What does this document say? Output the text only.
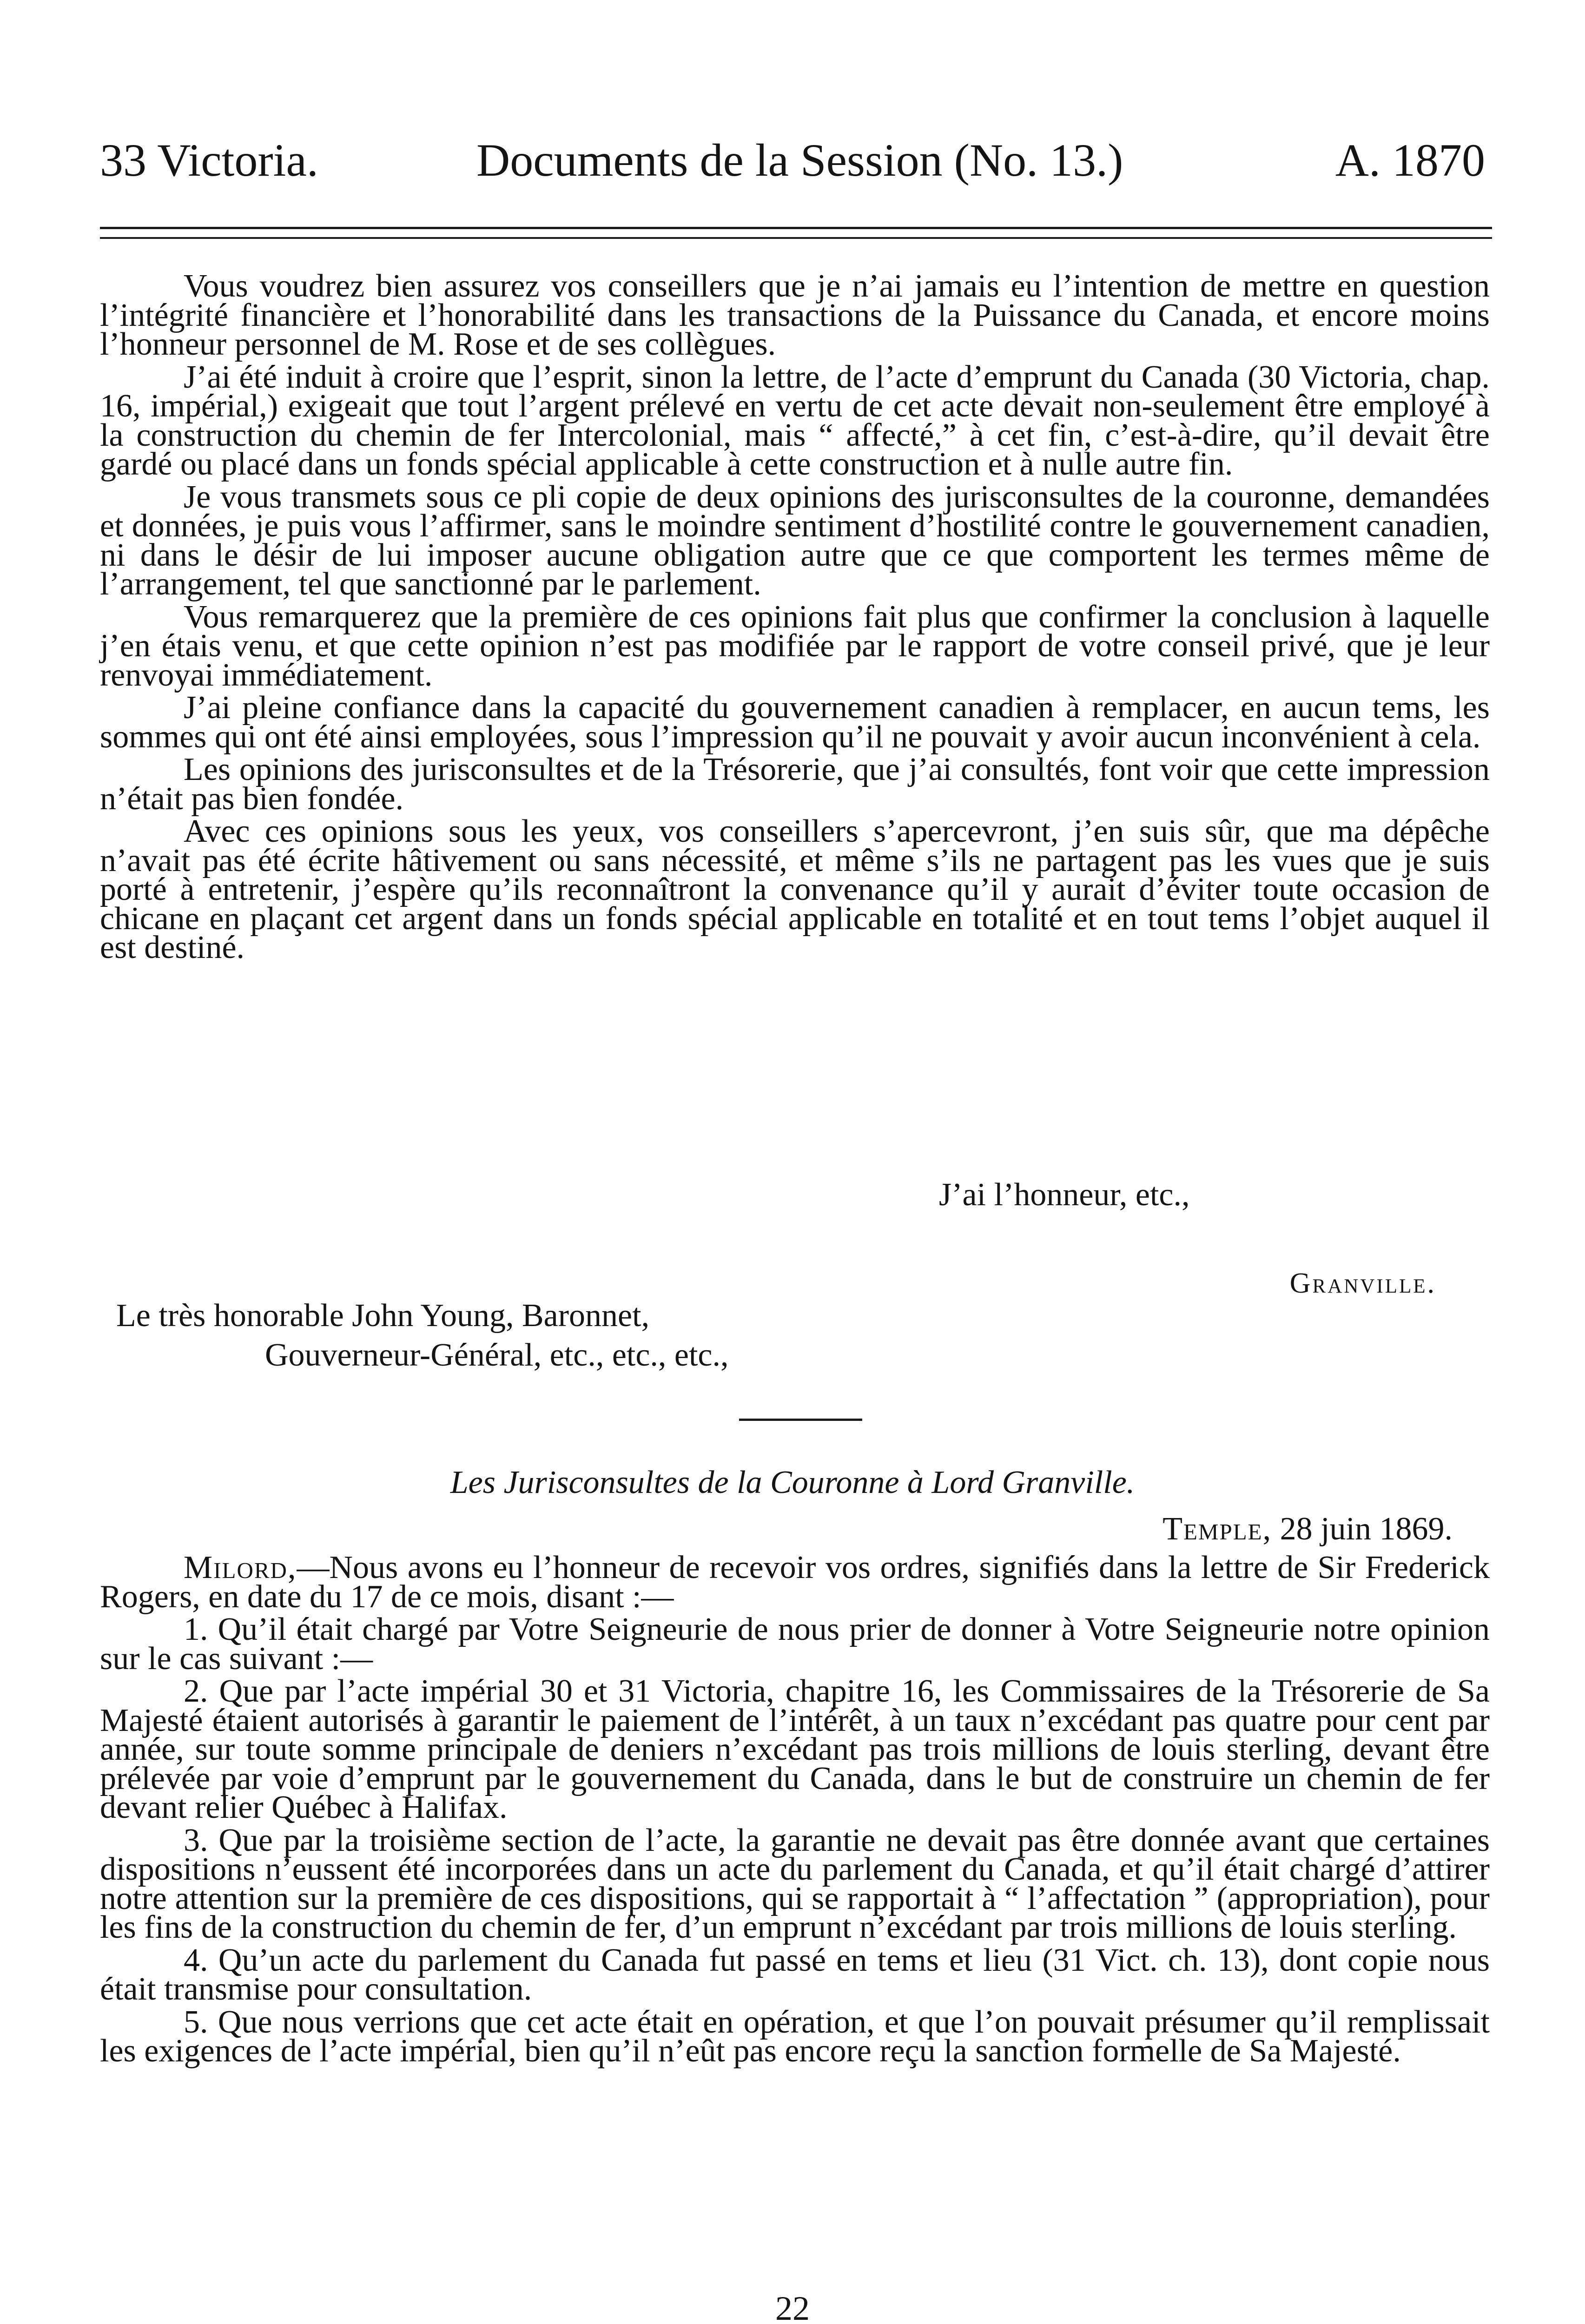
33 Victoria.	Documents de la Session (No. 13.)	A. 1870

Vous voudrez bien assurez vos conseillers que je n’ai jamais eu l’intention de mettre en question l’intégrité financière et l’honorabilité dans les transactions de la Puissance du Canada, et encore moins l’honneur personnel de M. Rose et de ses collègues.

J’ai été induit à croire que l’esprit, sinon la lettre, de l’acte d’emprunt du Canada (30 Victoria, chap. 16, impérial,) exigeait que tout l’argent prélevé en vertu de cet acte devait non-seulement être employé à la construction du chemin de fer Intercolonial, mais “ affecté,” à cet fin, c’est-à-dire, qu’il devait être gardé ou placé dans un fonds spécial applicable à cette construction et à nulle autre fin.

Je vous transmets sous ce pli copie de deux opinions des jurisconsultes de la couronne, demandées et données, je puis vous l’affirmer, sans le moindre sentiment d’hostilité contre le gouvernement canadien, ni dans le désir de lui imposer aucune obligation autre que ce que comportent les termes même de l’arrangement, tel que sanctionné par le parlement.

Vous remarquerez que la première de ces opinions fait plus que confirmer la conclusion à laquelle j’en étais venu, et que cette opinion n’est pas modifiée par le rapport de votre conseil privé, que je leur renvoyai immédiatement.

J’ai pleine confiance dans la capacité du gouvernement canadien à remplacer, en aucun tems, les sommes qui ont été ainsi employées, sous l’impression qu’il ne pouvait y avoir aucun inconvénient à cela.

Les opinions des jurisconsultes et de la Trésorerie, que j’ai consultés, font voir que cette impression n’était pas bien fondée.

Avec ces opinions sous les yeux, vos conseillers s’apercevront, j’en suis sûr, que ma dépêche n’avait pas été écrite hâtivement ou sans nécessité, et même s’ils ne partagent pas les vues que je suis porté à entretenir, j’espère qu’ils reconnaîtront la convenance qu’il y aurait d’éviter toute occasion de chicane en plaçant cet argent dans un fonds spécial applicable en totalité et en tout tems l’objet auquel il est destiné.

J’ai l’honneur, etc.,
Granville.
Le très honorable John Young, Baronnet,
Gouverneur-Général, etc., etc., etc.,
Les Jurisconsultes de la Couronne à Lord Granville.
Temple, 28 juin 1869.

Milord,—Nous avons eu l’honneur de recevoir vos ordres, signifiés dans la lettre de Sir Frederick Rogers, en date du 17 de ce mois, disant :—

1. Qu’il était chargé par Votre Seigneurie de nous prier de donner à Votre Seigneurie notre opinion sur le cas suivant :—

2. Que par l’acte impérial 30 et 31 Victoria, chapitre 16, les Commissaires de la Trésorerie de Sa Majesté étaient autorisés à garantir le paiement de l’intérêt, à un taux n’excédant pas quatre pour cent par année, sur toute somme principale de deniers n’excédant pas trois millions de louis sterling, devant être prélevée par voie d’emprunt par le gouvernement du Canada, dans le but de construire un chemin de fer devant relier Québec à Halifax.

3. Que par la troisième section de l’acte, la garantie ne devait pas être donnée avant que certaines dispositions n’eussent été incorporées dans un acte du parlement du Canada, et qu’il était chargé d’attirer notre attention sur la première de ces dispositions, qui se rapportait à “ l’affectation ” (appropriation), pour les fins de la construction du chemin de fer, d’un emprunt n’excédant par trois millions de louis sterling.

4. Qu’un acte du parlement du Canada fut passé en tems et lieu (31 Vict. ch. 13), dont copie nous était transmise pour consultation.

5. Que nous verrions que cet acte était en opération, et que l’on pouvait présumer qu’il remplissait les exigences de l’acte impérial, bien qu’il n’eût pas encore reçu la sanction formelle de Sa Majesté.

22
